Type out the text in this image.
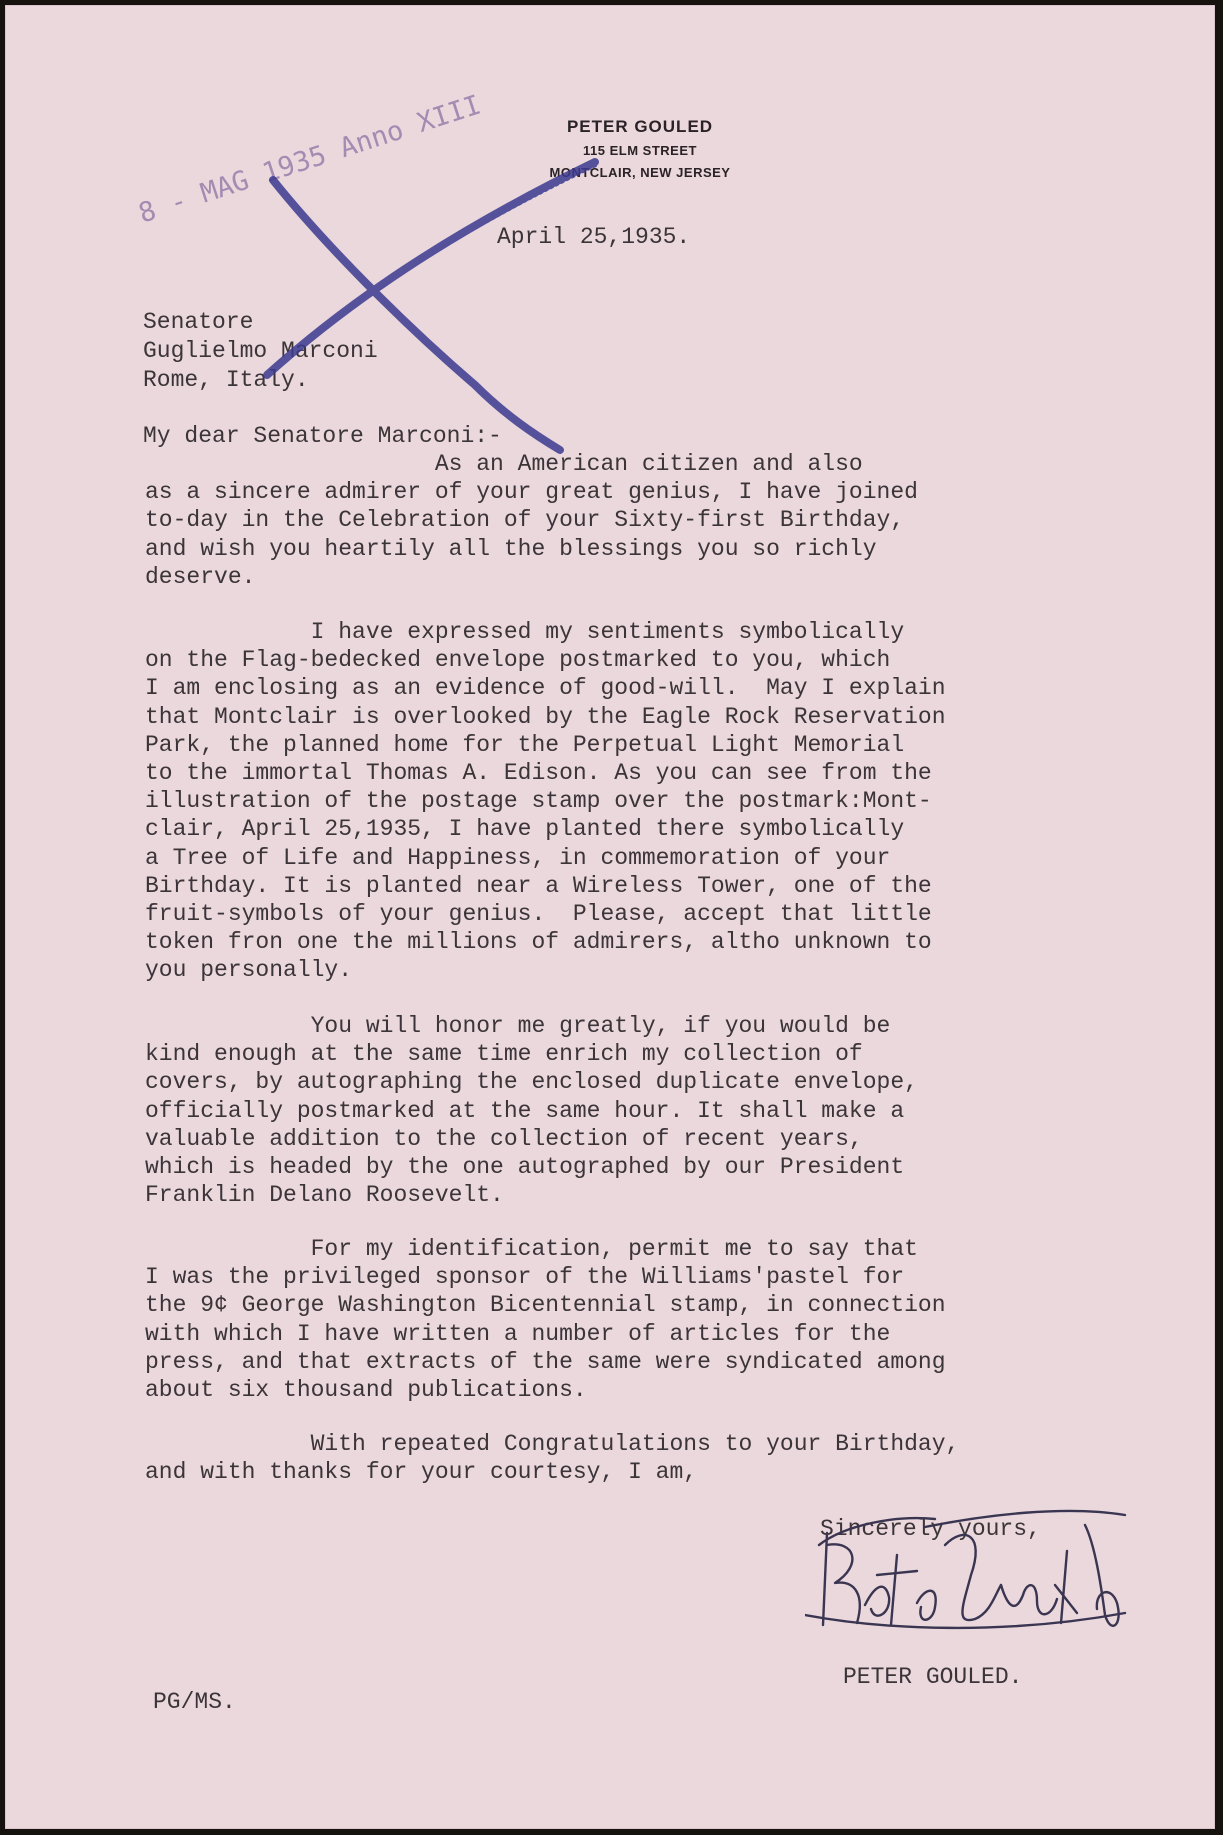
PETER GOULED
115 ELM STREET
MONTCLAIR, NEW JERSEY
8 - MAG 1935 Anno XIII

April 25,1935.

Senatore

Guglielmo Marconi

Rome, Italy.

My dear Senatore Marconi:-

As an American citizen and also
as a sincere admirer of your great genius, I have joined
to-day in the Celebration of your Sixty-first Birthday,
and wish you heartily all the blessings you so richly
deserve.

I have expressed my sentiments symbolically
on the Flag-bedecked envelope postmarked to you, which
I am enclosing as an evidence of good-will.  May I explain
that Montclair is overlooked by the Eagle Rock Reservation
Park, the planned home for the Perpetual Light Memorial
to the immortal Thomas A. Edison. As you can see from the
illustration of the postage stamp over the postmark:Mont-
clair, April 25,1935, I have planted there symbolically
a Tree of Life and Happiness, in commemoration of your
Birthday. It is planted near a Wireless Tower, one of the
fruit-symbols of your genius.  Please, accept that little
token fron one the millions of admirers, altho unknown to
you personally.

You will honor me greatly, if you would be
kind enough at the same time enrich my collection of
covers, by autographing the enclosed duplicate envelope,
officially postmarked at the same hour. It shall make a
valuable addition to the collection of recent years,
which is headed by the one autographed by our President
Franklin Delano Roosevelt.

For my identification, permit me to say that
I was the privileged sponsor of the Williams'pastel for
the 9¢ George Washington Bicentennial stamp, in connection
with which I have written a number of articles for the
press, and that extracts of the same were syndicated among
about six thousand publications.

With repeated Congratulations to your Birthday,
and with thanks for your courtesy, I am,

Sincerely yours,

PETER GOULED.

PG/MS.
